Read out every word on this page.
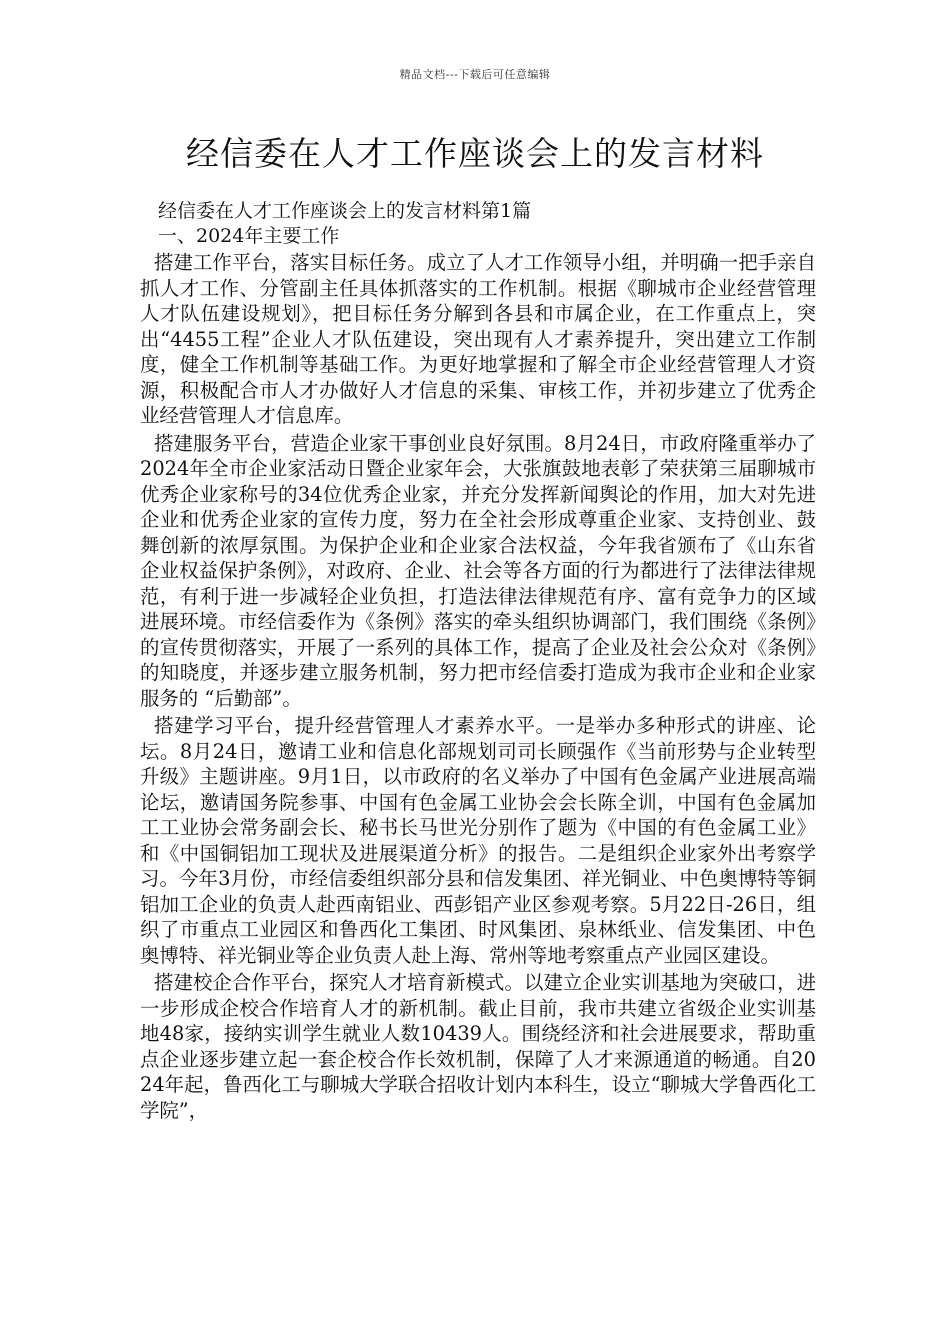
精品文档---下载后可任意编辑
经信委在人才工作座谈会上的发言材料

经信委在人才工作座谈会上的发言材料第1篇

一、2024年主要工作

搭建工作平台，落实目标任务。成立了人才工作领导小组，并明确一把手亲自抓人才工作、分管副主任具体抓落实的工作机制。根据《聊城市企业经营管理人才队伍建设规划》，把目标任务分解到各县和市属企业，在工作重点上，突出“4455工程”企业人才队伍建设，突出现有人才素养提升，突出建立工作制度，健全工作机制等基础工作。为更好地掌握和了解全市企业经营管理人才资源，积极配合市人才办做好人才信息的采集、审核工作，并初步建立了优秀企业经营管理人才信息库。

搭建服务平台，营造企业家干事创业良好氛围。8月24日，市政府隆重举办了2024年全市企业家活动日暨企业家年会，大张旗鼓地表彰了荣获第三届聊城市优秀企业家称号的34位优秀企业家，并充分发挥新闻舆论的作用，加大对先进企业和优秀企业家的宣传力度，努力在全社会形成尊重企业家、支持创业、鼓舞创新的浓厚氛围。为保护企业和企业家合法权益，今年我省颁布了《山东省企业权益保护条例》，对政府、企业、社会等各方面的行为都进行了法律法律规范，有利于进一步减轻企业负担，打造法律法律规范有序、富有竞争力的区域进展环境。市经信委作为《条例》落实的牵头组织协调部门，我们围绕《条例》的宣传贯彻落实，开展了一系列的具体工作，提高了企业及社会公众对《条例》的知晓度，并逐步建立服务机制，努力把市经信委打造成为我市企业和企业家服务的 “后勤部”。

搭建学习平台，提升经营管理人才素养水平。一是举办多种形式的讲座、论坛。8月24日，邀请工业和信息化部规划司司长顾强作《当前形势与企业转型升级》主题讲座。9月1日，以市政府的名义举办了中国有色金属产业进展高端论坛，邀请国务院参事、中国有色金属工业协会会长陈全训，中国有色金属加工工业协会常务副会长、秘书长马世光分别作了题为《中国的有色金属工业》和《中国铜铝加工现状及进展渠道分析》的报告。二是组织企业家外出考察学习。今年3月份，市经信委组织部分县和信发集团、祥光铜业、中色奥博特等铜铝加工企业的负责人赴西南铝业、西彭铝产业区参观考察。5月22日-26日，组织了市重点工业园区和鲁西化工集团、时风集团、泉林纸业、信发集团、中色奥博特、祥光铜业等企业负责人赴上海、常州等地考察重点产业园区建设。

搭建校企合作平台，探究人才培育新模式。以建立企业实训基地为突破口，进一步形成企校合作培育人才的新机制。截止目前，我市共建立省级企业实训基地48家，接纳实训学生就业人数10439人。围绕经济和社会进展要求，帮助重点企业逐步建立起一套企校合作长效机制，保障了人才来源通道的畅通。自2024年起，鲁西化工与聊城大学联合招收计划内本科生，设立“聊城大学鲁西化工学院”，
